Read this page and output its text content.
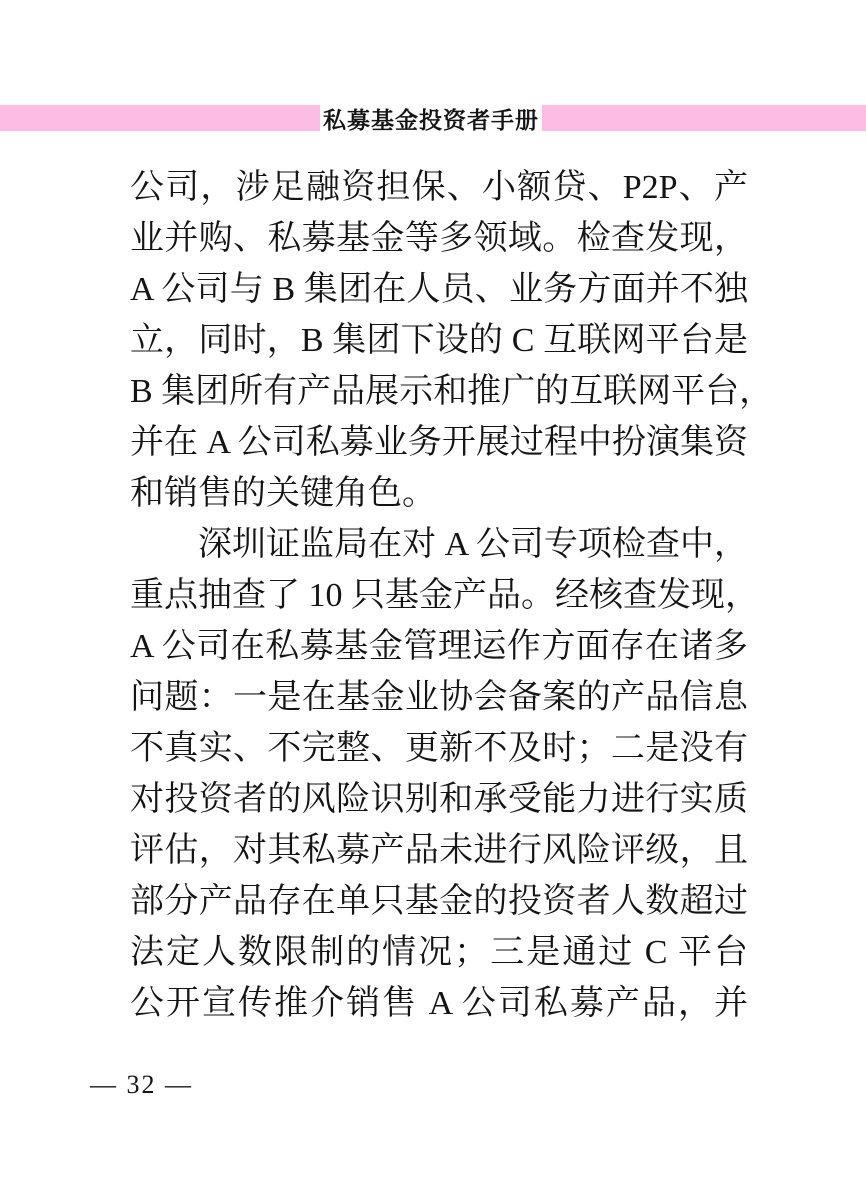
私募基金投资者手册
公司，涉足融资担保、小额贷、P2P、产
业并购、私募基金等多领域。检查发现，
A 公司与 B 集团在人员、业务方面并不独
立，同时，B 集团下设的 C 互联网平台是
B 集团所有产品展示和推广的互联网平台，
并在 A 公司私募业务开展过程中扮演集资
和销售的关键角色。
深圳证监局在对 A 公司专项检查中，
重点抽查了 10 只基金产品。经核查发现，
A 公司在私募基金管理运作方面存在诸多
问题：一是在基金业协会备案的产品信息
不真实、不完整、更新不及时；二是没有
对投资者的风险识别和承受能力进行实质
评估，对其私募产品未进行风险评级，且
部分产品存在单只基金的投资者人数超过
法定人数限制的情况；三是通过 C 平台
公开宣传推介销售 A 公司私募产品，并
— 32 —
